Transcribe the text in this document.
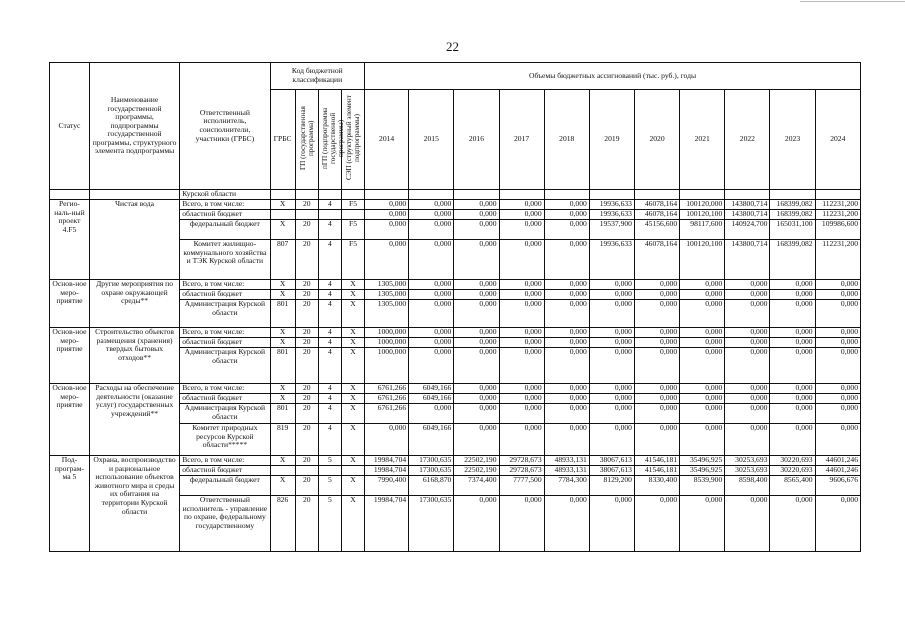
22
Статус	Наименование государственной программы, подпрограммы государственной программы, структурного элемента подпрограммы	Ответственный исполнитель, соисполнители, участники (ГРБС)	Код бюджетной классификации				Объемы бюджетных ассигнований (тыс. руб.), годы										
			ГРБС	ГП (государственная программа)	пГП (подпрограмма государственной программы)	СЭП (структурный элемент подпрограммы)	2014	2015	2016	2017	2018	2019	2020	2021	2022	2023	2024
		Курской области															
Регио-наль-ный проект 4.F5	Чистая вода	Всего, в том числе:	X	20	4	F5	0,000	0,000	0,000	0,000	0,000	19936,633	46078,164	100120,000	143800,714	168399,082	112231,200
		областной бюджет					0,000	0,000	0,000	0,000	0,000	19936,633	46078,164	100120,100	143800,714	168399,082	112231,200
		федеральный бюджет	X	20	4	F5	0,000	0,000	0,000	0,000	0,000	19537,900	45156,600	98117,600	140924,700	165031,100	109986,600
		Комитет жилищно-коммунального хозяйства и ТЭК Курской области	807	20	4	F5	0,000	0,000	0,000	0,000	0,000	19936,633	46078,164	100120,100	143800,714	168399,082	112231,200
Основ-ное меро-приятие	Другие мероприятия по охране окружающей среды**	Всего, в том числе:	X	20	4	X	1305,000	0,000	0,000	0,000	0,000	0,000	0,000	0,000	0,000	0,000	0,000
		областной бюджет	X	20	4	X	1305,000	0,000	0,000	0,000	0,000	0,000	0,000	0,000	0,000	0,000	0,000
		Администрация Курской области	801	20	4	X	1305,000	0,000	0,000	0,000	0,000	0,000	0,000	0,000	0,000	0,000	0,000
Основ-ное меро-приятие	Строительство объектов размещения (хранения) твердых бытовых отходов**	Всего, в том числе:	X	20	4	X	1000,000	0,000	0,000	0,000	0,000	0,000	0,000	0,000	0,000	0,000	0,000
		областной бюджет	X	20	4	X	1000,000	0,000	0,000	0,000	0,000	0,000	0,000	0,000	0,000	0,000	0,000
		Администрация Курской области	801	20	4	X	1000,000	0,000	0,000	0,000	0,000	0,000	0,000	0,000	0,000	0,000	0,000
Основ-ное меро-приятие	Расходы на обеспечение деятельности (оказание услуг) государственных учреждений**	Всего, в том числе:	X	20	4	X	6761,266	6049,166	0,000	0,000	0,000	0,000	0,000	0,000	0,000	0,000	0,000
		областной бюджет	X	20	4	X	6761,266	6049,166	0,000	0,000	0,000	0,000	0,000	0,000	0,000	0,000	0,000
		Администрация Курской области	801	20	4	X	6761,266	0,000	0,000	0,000	0,000	0,000	0,000	0,000	0,000	0,000	0,000
		Комитет природных ресурсов Курской области*****	819	20	4	X	0,000	6049,166	0,000	0,000	0,000	0,000	0,000	0,000	0,000	0,000	0,000
Под-програм-ма 5	Охрана, воспроизводство и рациональное использование объектов животного мира и среды их обитания на территории Курской области	Всего, в том числе:	X	20	5	X	19984,704	17300,635	22502,190	29728,673	48933,131	38067,613	41546,181	35496,925	30253,693	30220,693	44601,246
		областной бюджет					19984,704	17300,635	22502,190	29728,673	48933,131	38067,613	41546,181	35496,925	30253,693	30220,693	44601,246
		федеральный бюджет	X	20	5	X	7990,400	6168,870	7374,400	7777,500	7784,300	8129,200	8330,400	8539,900	8598,400	8565,400	9606,676
		Ответственный исполнитель - управление по охране, федеральному государственному	826	20	5	X	19984,704	17300,635	0,000	0,000	0,000	0,000	0,000	0,000	0,000	0,000	0,000
